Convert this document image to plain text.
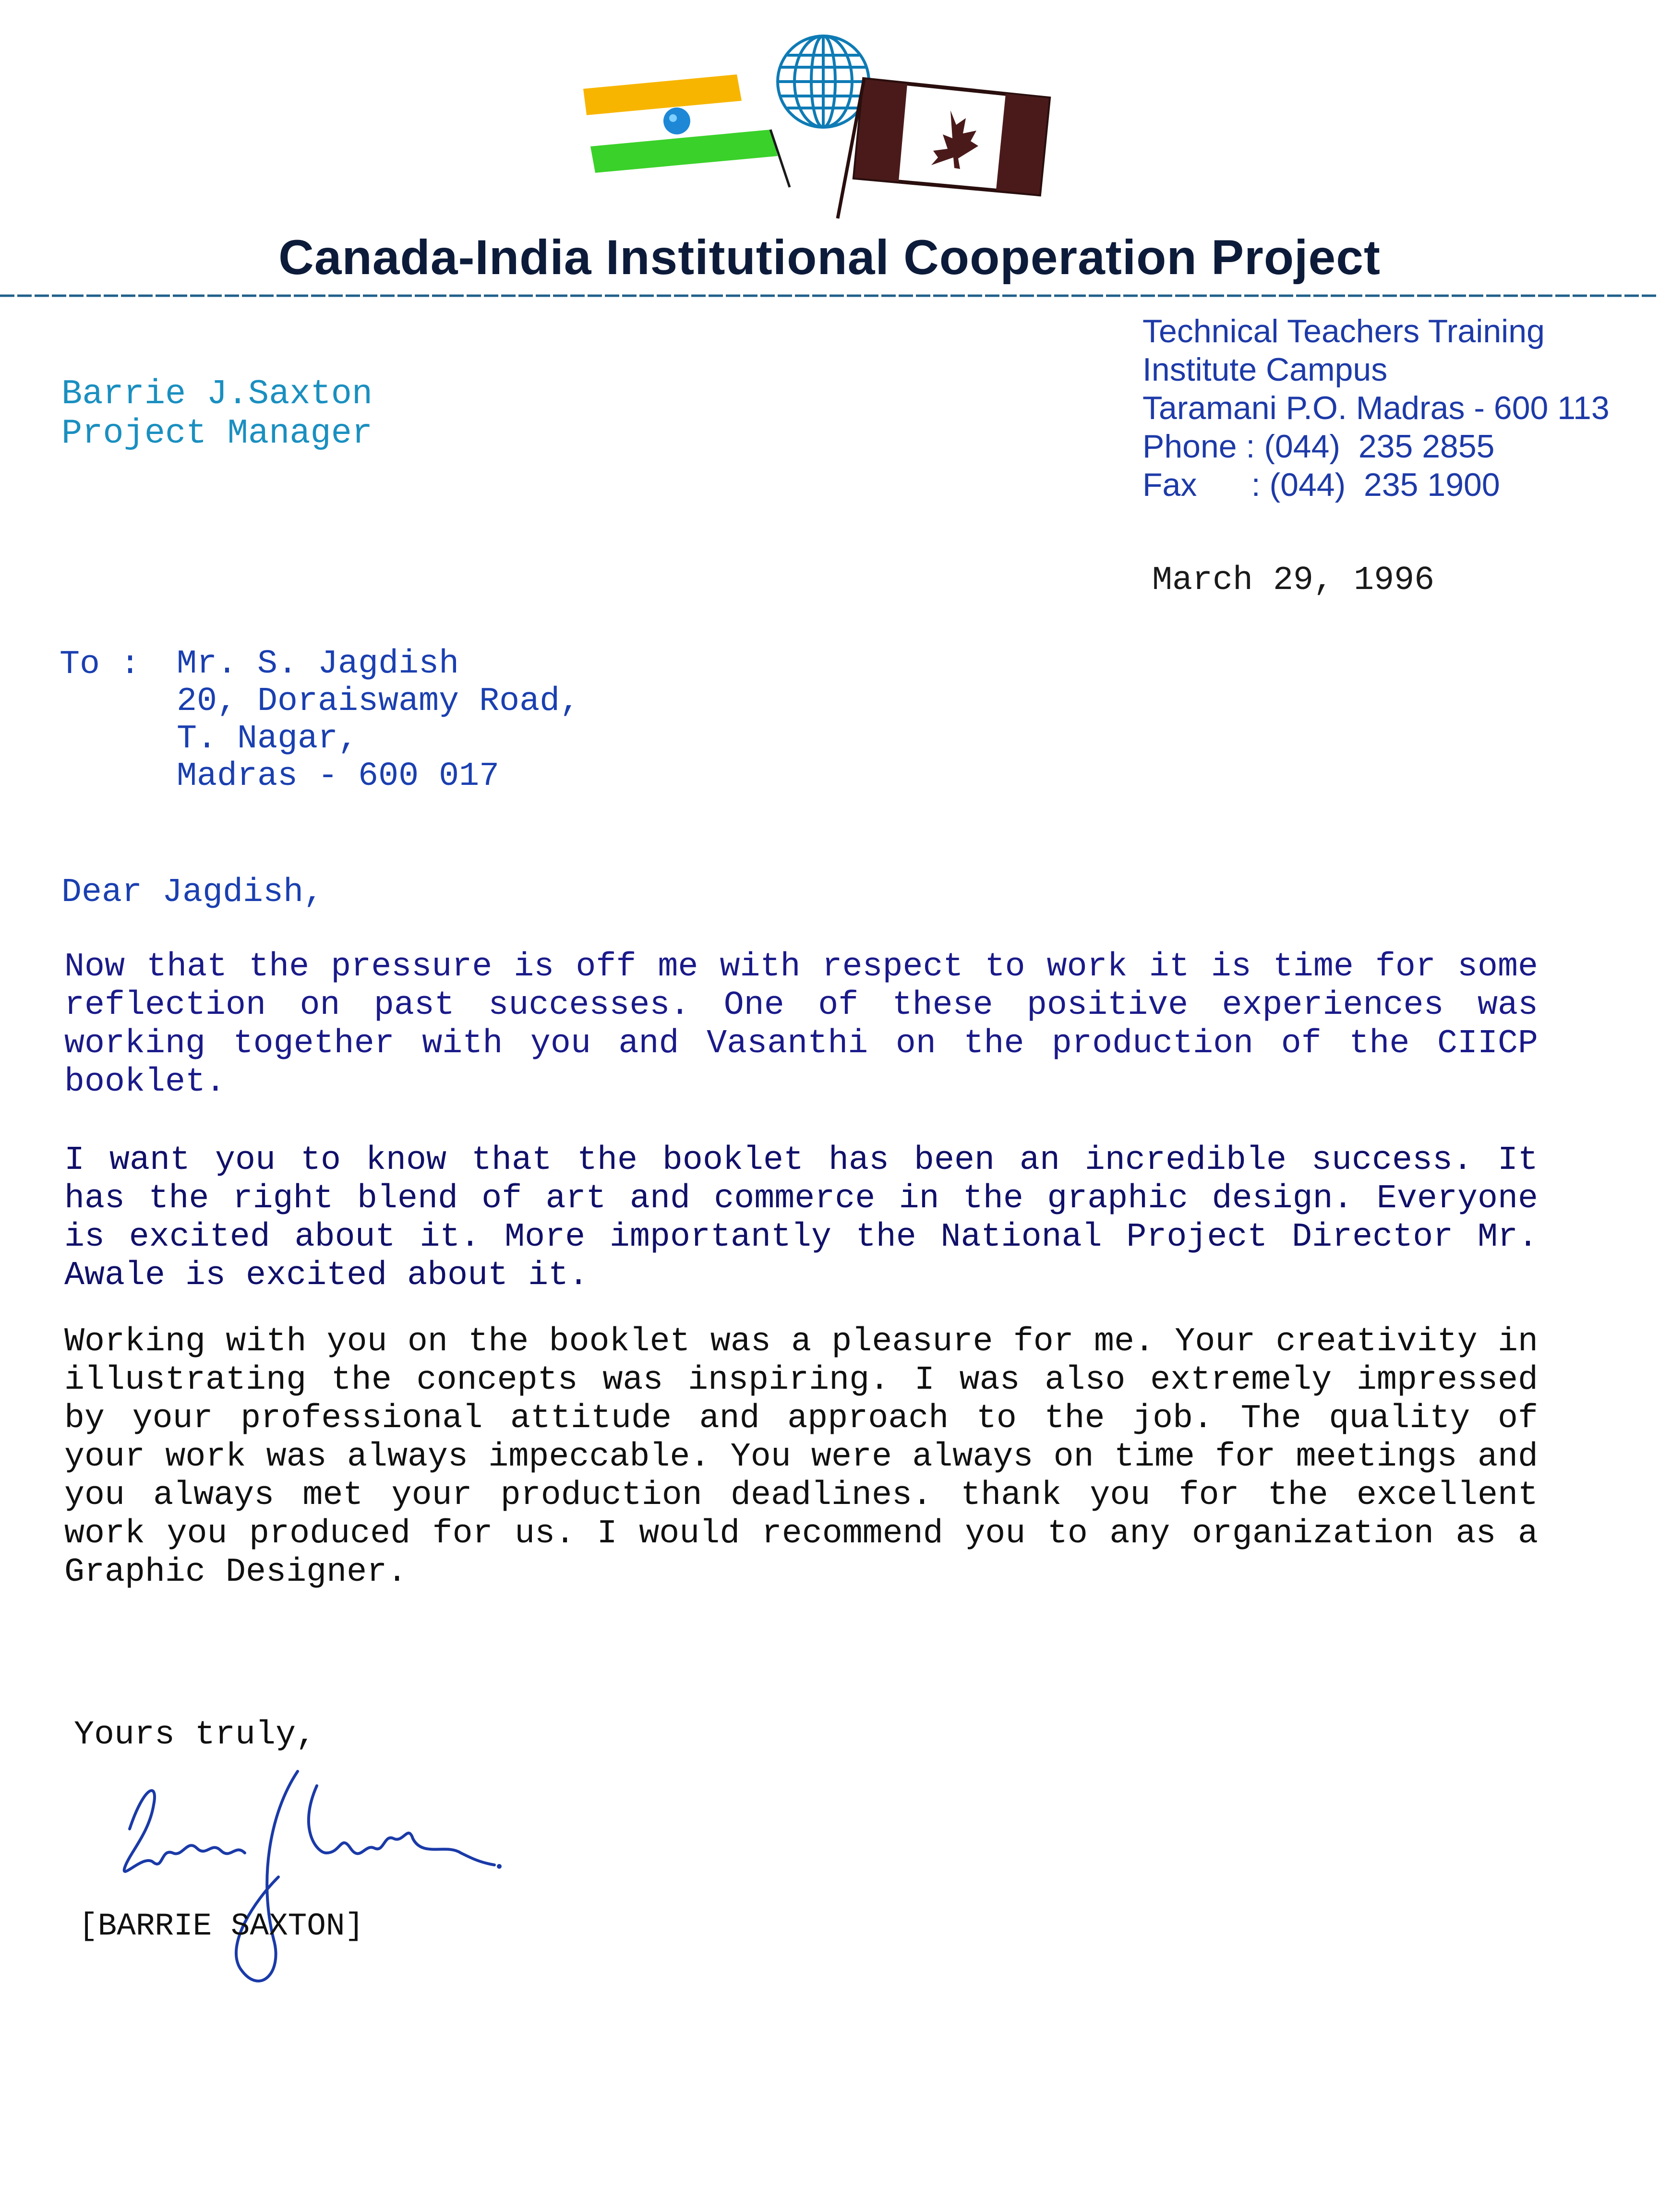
Canada-India Institutional Cooperation Project
Barrie J.Saxton
Project Manager
Technical Teachers Training
Institute Campus
Taramani P.O. Madras - 600 113
Phone : (044)  235 2855
Fax      : (044)  235 1900
March 29, 1996
To : Mr. S. Jagdish
20, Doraiswamy Road,
T. Nagar,
Madras - 600 017
Dear Jagdish,
Now that the pressure is off me with respect to work it is time for some reflection on past successes. One of these positive experiences was working together with you and Vasanthi on the production of the CIICP booklet.
I want you to know that the booklet has been an incredible success. It has the right blend of art and commerce in the graphic design. Everyone is excited about it. More importantly the National Project Director Mr. Awale is excited about it.
Working with you on the booklet was a pleasure for me. Your creativity in illustrating the concepts was inspiring. I was also extremely impressed by your professional attitude and approach to the job. The quality of your work was always impeccable. You were always on time for meetings and you always met your production deadlines. thank you for the excellent work you produced for us. I would recommend you to any organization as a Graphic Designer.
Yours truly,
[BARRIE SAXTON]
